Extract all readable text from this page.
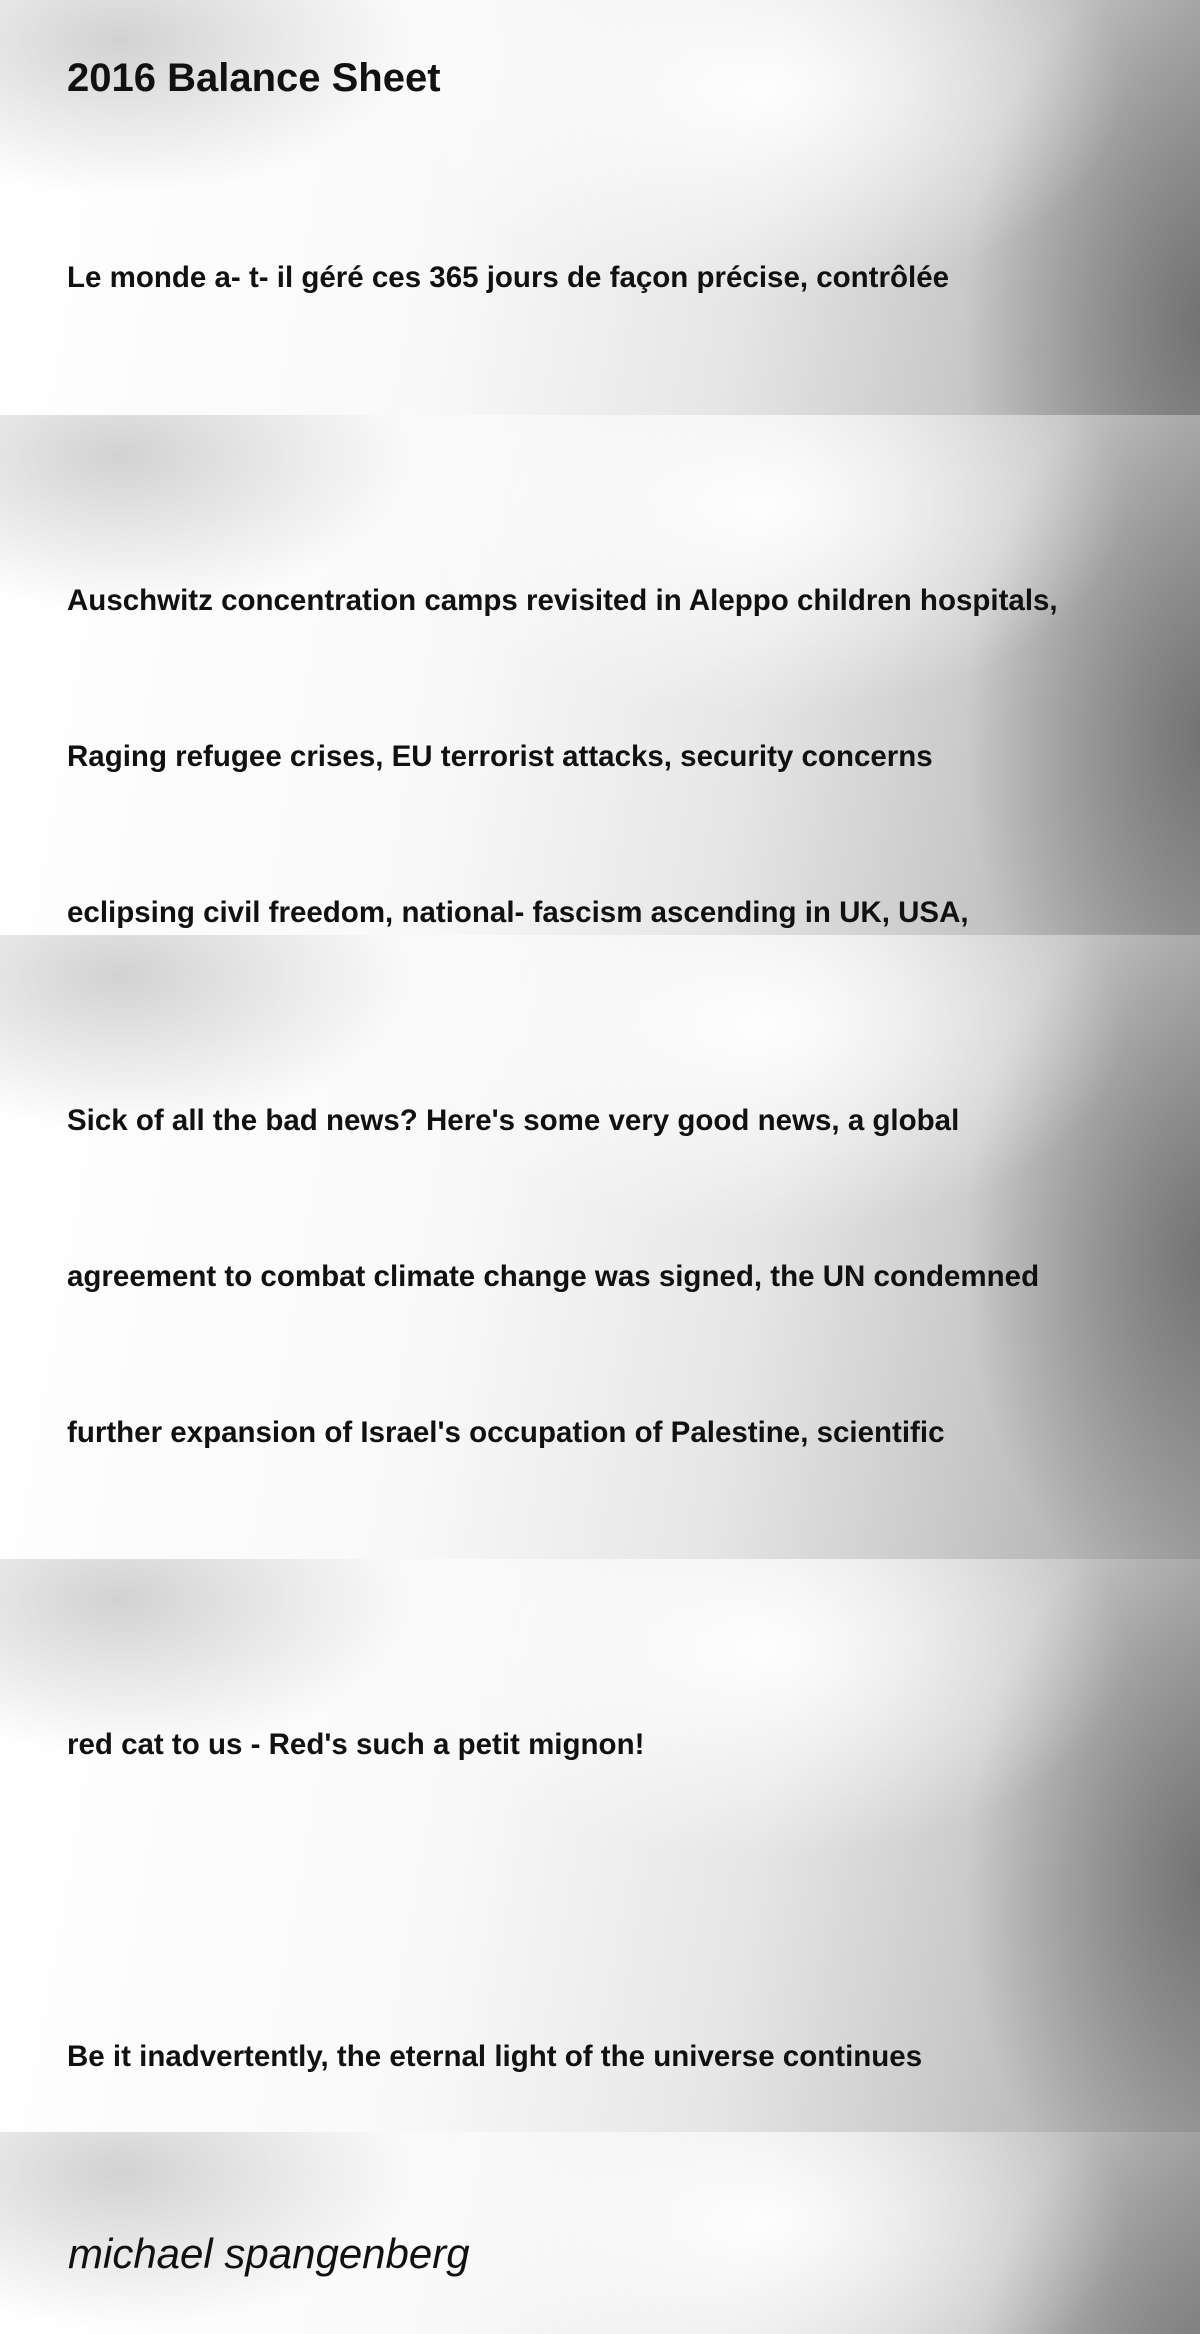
2016 Balance Sheet

Le monde a- t- il géré ces 365 jours de façon précise, contrôlée

Auschwitz concentration camps revisited in Aleppo children hospitals,

Raging refugee crises, EU terrorist attacks, security concerns

eclipsing civil freedom, national- fascism ascending in UK, USA,

Sick of all the bad news? Here's some very good news, a global

agreement to combat climate change was signed, the UN condemned

further expansion of Israel's occupation of Palestine, scientific

red cat to us - Red's such a petit mignon!

Be it inadvertently, the eternal light of the universe continues

michael spangenberg
